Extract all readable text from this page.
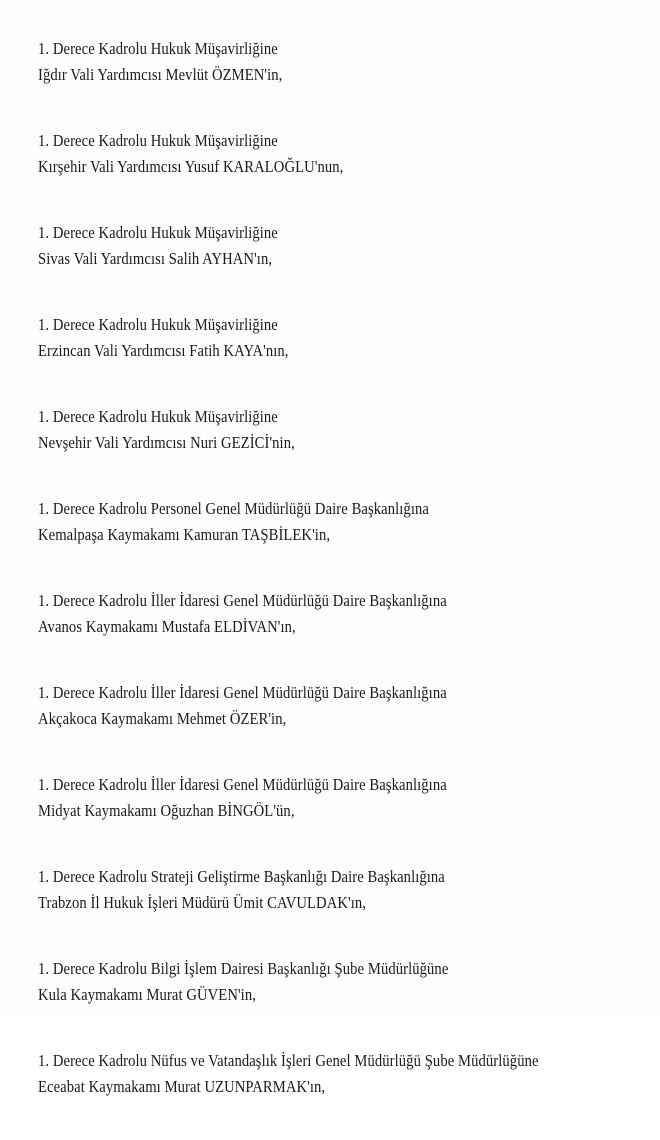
1. Derece Kadrolu Hukuk Müşavirliğine
Iğdır Vali Yardımcısı Mevlüt ÖZMEN'in,
1. Derece Kadrolu Hukuk Müşavirliğine
Kırşehir Vali Yardımcısı Yusuf KARALOĞLU'nun,
1. Derece Kadrolu Hukuk Müşavirliğine
Sivas Vali Yardımcısı Salih AYHAN'ın,
1. Derece Kadrolu Hukuk Müşavirliğine
Erzincan Vali Yardımcısı Fatih KAYA'nın,
1. Derece Kadrolu Hukuk Müşavirliğine
Nevşehir Vali Yardımcısı Nuri GEZİCİ'nin,
1. Derece Kadrolu Personel Genel Müdürlüğü Daire Başkanlığına
Kemalpaşa Kaymakamı Kamuran TAŞBİLEK'in,
1. Derece Kadrolu İller İdaresi Genel Müdürlüğü Daire Başkanlığına
Avanos Kaymakamı Mustafa ELDİVAN'ın,
1. Derece Kadrolu İller İdaresi Genel Müdürlüğü Daire Başkanlığına
Akçakoca Kaymakamı Mehmet ÖZER'in,
1. Derece Kadrolu İller İdaresi Genel Müdürlüğü Daire Başkanlığına
Midyat Kaymakamı Oğuzhan BİNGÖL'ün,
1. Derece Kadrolu Strateji Geliştirme Başkanlığı Daire Başkanlığına
Trabzon İl Hukuk İşleri Müdürü Ümit CAVULDAK'ın,
1. Derece Kadrolu Bilgi İşlem Dairesi Başkanlığı Şube Müdürlüğüne
Kula Kaymakamı Murat GÜVEN'in,
1. Derece Kadrolu Nüfus ve Vatandaşlık İşleri Genel Müdürlüğü Şube Müdürlüğüne
Eceabat Kaymakamı Murat UZUNPARMAK'ın,
